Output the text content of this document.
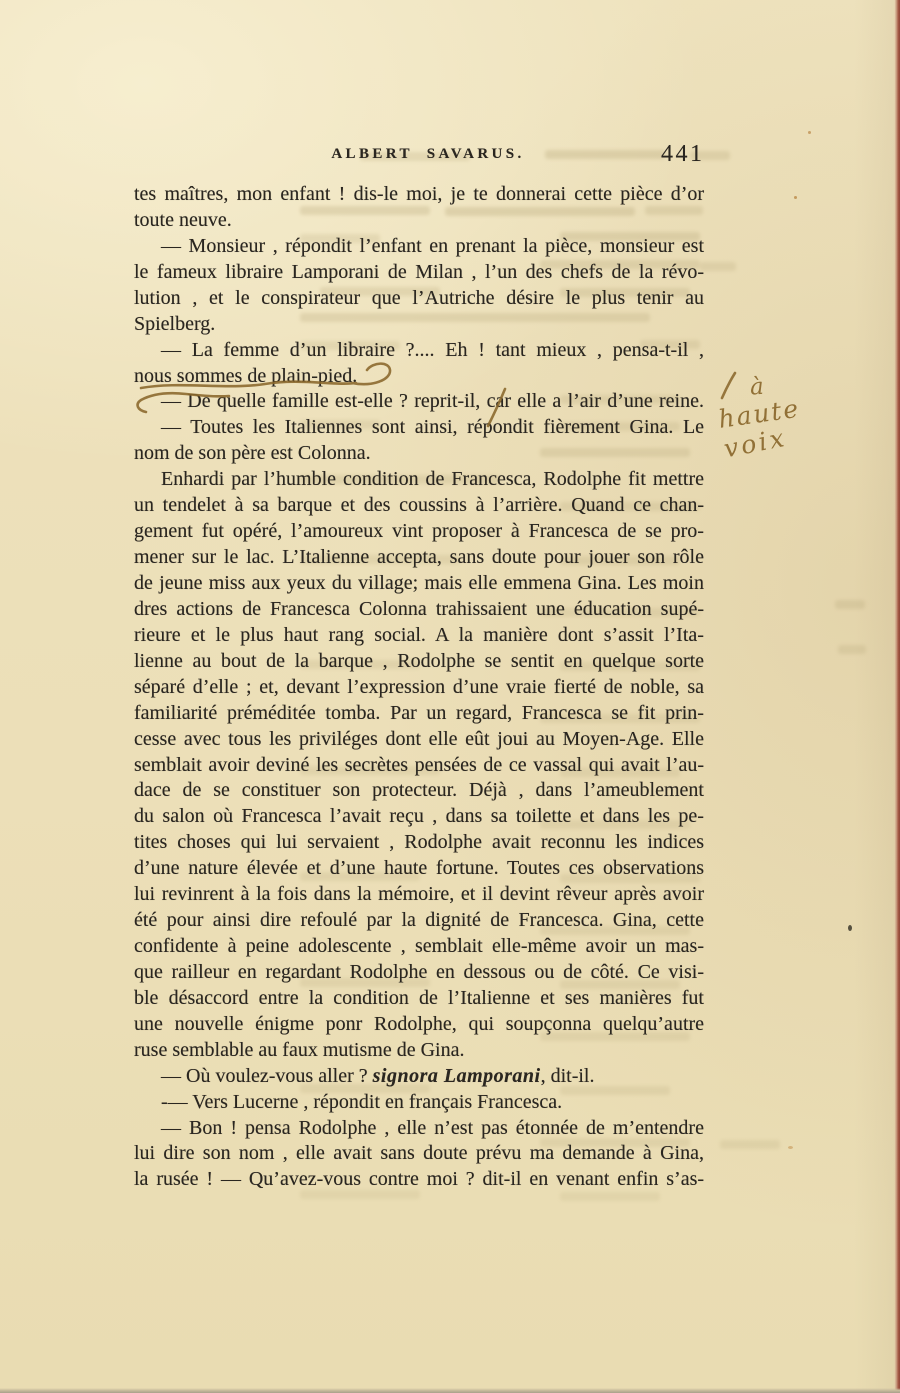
ALBERT SAVARUS.	441
tes maîtres, mon enfant ! dis-le moi, je te donnerai cette pièce d’or
toute neuve.
— Monsieur , répondit l’enfant en prenant la pièce, monsieur est
le fameux libraire Lamporani de Milan , l’un des chefs de la révo-
lution , et le conspirateur que l’Autriche désire le plus tenir au
Spielberg.
— La femme d’un libraire ?.... Eh ! tant mieux , pensa-t-il ,
nous sommes de plain-pied.
— De quelle famille est-elle ? reprit-il, car elle a l’air d’une reine.
— Toutes les Italiennes sont ainsi, répondit fièrement Gina. Le
nom de son père est Colonna.
Enhardi par l’humble condition de Francesca, Rodolphe fit mettre
un tendelet à sa barque et des coussins à l’arrière. Quand ce chan-
gement fut opéré, l’amoureux vint proposer à Francesca de se pro-
mener sur le lac. L’Italienne accepta, sans doute pour jouer son rôle
de jeune miss aux yeux du village; mais elle emmena Gina. Les moin
dres actions de Francesca Colonna trahissaient une éducation supé-
rieure et le plus haut rang social. A la manière dont s’assit l’Ita-
lienne au bout de la barque , Rodolphe se sentit en quelque sorte
séparé d’elle ; et, devant l’expression d’une vraie fierté de noble, sa
familiarité préméditée tomba. Par un regard, Francesca se fit prin-
cesse avec tous les priviléges dont elle eût joui au Moyen-Age. Elle
semblait avoir deviné les secrètes pensées de ce vassal qui avait l’au-
dace de se constituer son protecteur. Déjà , dans l’ameublement
du salon où Francesca l’avait reçu , dans sa toilette et dans les pe-
tites choses qui lui servaient , Rodolphe avait reconnu les indices
d’une nature élevée et d’une haute fortune. Toutes ces observations
lui revinrent à la fois dans la mémoire, et il devint rêveur après avoir
été pour ainsi dire refoulé par la dignité de Francesca. Gina, cette
confidente à peine adolescente , semblait elle-même avoir un mas-
que railleur en regardant Rodolphe en dessous ou de côté. Ce visi-
ble désaccord entre la condition de l’Italienne et ses manières fut
une nouvelle énigme ponr Rodolphe, qui soupçonna quelqu’autre
ruse semblable au faux mutisme de Gina.
— Où voulez-vous aller ? signora Lamporani, dit-il.
-— Vers Lucerne , répondit en français Francesca.
— Bon ! pensa Rodolphe , elle n’est pas étonnée de m’entendre
lui dire son nom , elle avait sans doute prévu ma demande à Gina,
la rusée ! — Qu’avez-vous contre moi ? dit-il en venant enfin s’as-
à
haute
voix
